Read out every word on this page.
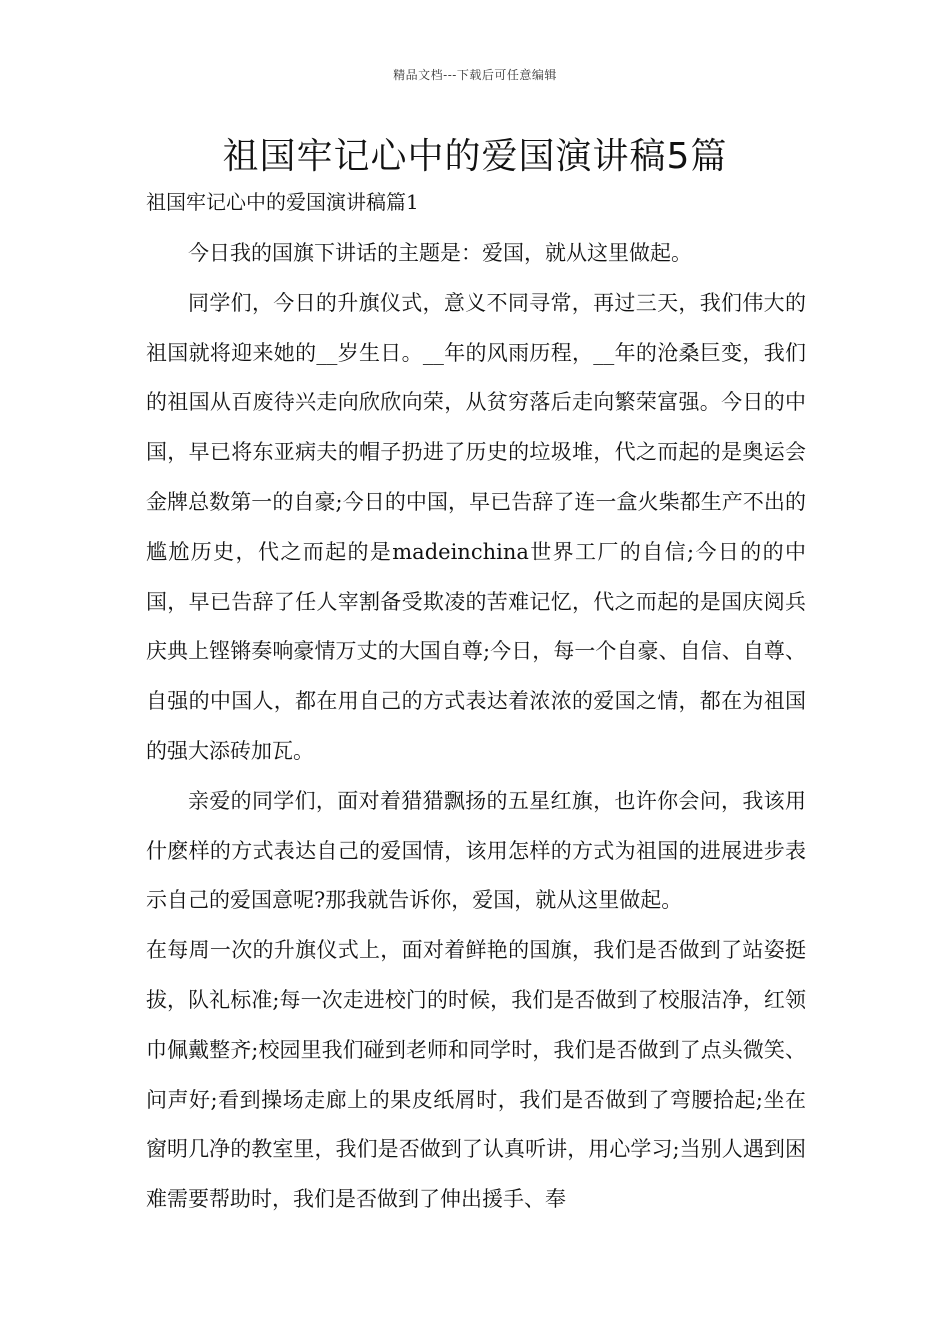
精品文档---下载后可任意编辑
祖国牢记心中的爱国演讲稿5篇
祖国牢记心中的爱国演讲稿篇1

今日我的国旗下讲话的主题是：爱国，就从这里做起。

同学们，今日的升旗仪式，意义不同寻常，再过三天，我们伟大的祖国就将迎来她的__岁生日。__年的风雨历程，__年的沧桑巨变，我们的祖国从百废待兴走向欣欣向荣，从贫穷落后走向繁荣富强。今日的中国，早已将东亚病夫的帽子扔进了历史的垃圾堆，代之而起的是奥运会金牌总数第一的自豪;今日的中国，早已告辞了连一盒火柴都生产不出的尴尬历史，代之而起的是madeinchina世界工厂的自信;今日的的中国，早已告辞了任人宰割备受欺凌的苦难记忆，代之而起的是国庆阅兵庆典上铿锵奏响豪情万丈的大国自尊;今日，每一个自豪、自信、自尊、自强的中国人，都在用自己的方式表达着浓浓的爱国之情，都在为祖国的强大添砖加瓦。

亲爱的同学们，面对着猎猎飘扬的五星红旗，也许你会问，我该用什麽样的方式表达自己的爱国情，该用怎样的方式为祖国的进展进步表示自己的爱国意呢?那我就告诉你，爱国，就从这里做起。

在每周一次的升旗仪式上，面对着鲜艳的国旗，我们是否做到了站姿挺拔，队礼标准;每一次走进校门的时候，我们是否做到了校服洁净，红领巾佩戴整齐;校园里我们碰到老师和同学时，我们是否做到了点头微笑、问声好;看到操场走廊上的果皮纸屑时，我们是否做到了弯腰拾起;坐在窗明几净的教室里，我们是否做到了认真听讲，用心学习;当别人遇到困难需要帮助时，我们是否做到了伸出援手、奉
